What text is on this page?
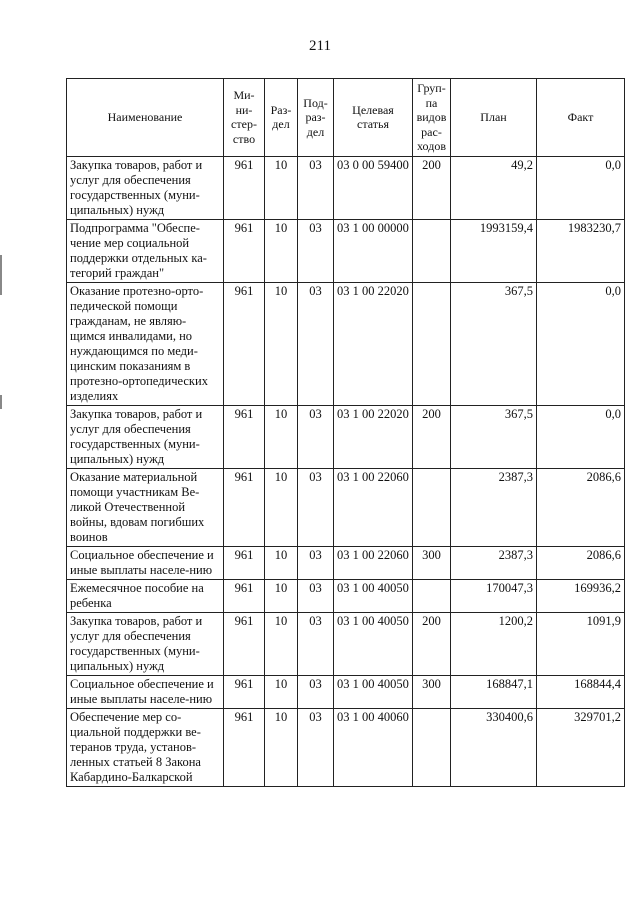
211
Наименование	Ми-
ни-
стер-
ство	Раз-
дел	Под-
раз-
дел	Целевая
статья	Груп-
па
видов
рас-
ходов	План	Факт
Закупка товаров, работ и услуг для обеспечения государственных (муни-ципальных) нужд	961	10	03	03 0 00 59400	200	49,2	0,0
Подпрограмма "Обеспе-чение мер социальной поддержки отдельных ка-тегорий граждан"	961	10	03	03 1 00 00000		1993159,4	1983230,7
Оказание протезно-орто-педической помощи гражданам, не являю-щимся инвалидами, но нуждающимся по меди-цинским показаниям в протезно-ортопедических изделиях	961	10	03	03 1 00 22020		367,5	0,0
Закупка товаров, работ и услуг для обеспечения государственных (муни-ципальных) нужд	961	10	03	03 1 00 22020	200	367,5	0,0
Оказание материальной помощи участникам Ве-ликой Отечественной войны, вдовам погибших воинов	961	10	03	03 1 00 22060		2387,3	2086,6
Социальное обеспечение и иные выплаты населе-нию	961	10	03	03 1 00 22060	300	2387,3	2086,6
Ежемесячное пособие на ребенка	961	10	03	03 1 00 40050		170047,3	169936,2
Закупка товаров, работ и услуг для обеспечения государственных (муни-ципальных) нужд	961	10	03	03 1 00 40050	200	1200,2	1091,9
Социальное обеспечение и иные выплаты населе-нию	961	10	03	03 1 00 40050	300	168847,1	168844,4
Обеспечение мер со-циальной поддержки ве-теранов труда, установ-ленных статьей 8 Закона Кабардино-Балкарской	961	10	03	03 1 00 40060		330400,6	329701,2
